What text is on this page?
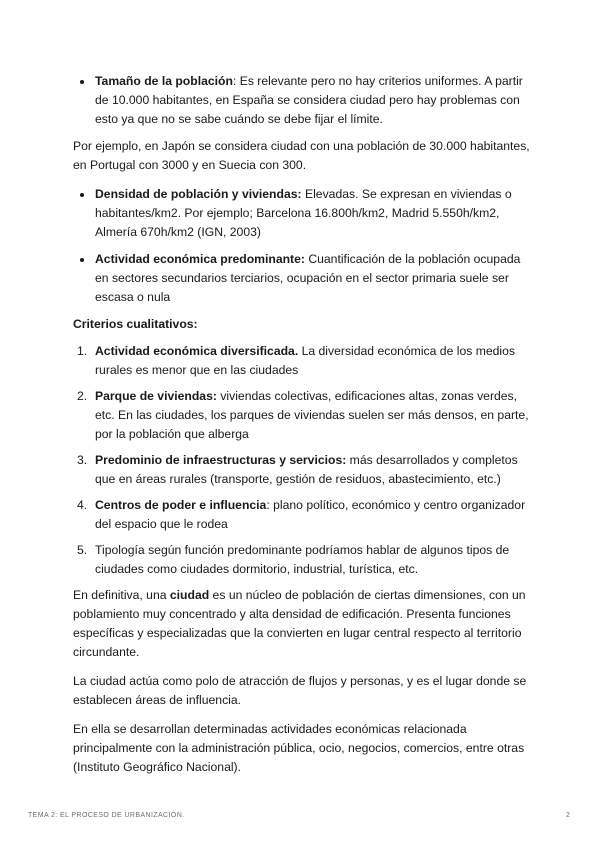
Tamaño de la población: Es relevante pero no hay criterios uniformes. A partir de 10.000 habitantes, en España se considera ciudad pero hay problemas con esto ya que no se sabe cuándo se debe fijar el límite.

Por ejemplo, en Japón se considera ciudad con una población de 30.000 habitantes, en Portugal con 3000 y en Suecia con 300.

Densidad de población y viviendas: Elevadas. Se expresan en viviendas o habitantes/km2. Por ejemplo; Barcelona 16.800h/km2, Madrid 5.550h/km2, Almería 670h/km2 (IGN, 2003)
Actividad económica predominante: Cuantificación de la población ocupada en sectores secundarios terciarios, ocupación en el sector primaria suele ser escasa o nula
Criterios cualitativos:
1. Actividad económica diversificada. La diversidad económica de los medios rurales es menor que en las ciudades
2. Parque de viviendas: viviendas colectivas, edificaciones altas, zonas verdes, etc. En las ciudades, los parques de viviendas suelen ser más densos, en parte, por la población que alberga
3. Predominio de infraestructuras y servicios: más desarrollados y completos que en áreas rurales (transporte, gestión de residuos, abastecimiento, etc.)
4. Centros de poder e influencia: plano político, económico y centro organizador del espacio que le rodea
5. Tipología según función predominante podríamos hablar de algunos tipos de ciudades como ciudades dormitorio, industrial, turística, etc.

En definitiva, una ciudad es un núcleo de población de ciertas dimensiones, con un poblamiento muy concentrado y alta densidad de edificación. Presenta funciones específicas y especializadas que la convierten en lugar central respecto al territorio circundante.

La ciudad actúa como polo de atracción de flujos y personas, y es el lugar donde se establecen áreas de influencia.

En ella se desarrollan determinadas actividades económicas relacionada principalmente con la administración pública, ocio, negocios, comercios, entre otras (Instituto Geográfico Nacional).

TEMA 2: EL PROCESO DE URBANIZACIÓN.	2
